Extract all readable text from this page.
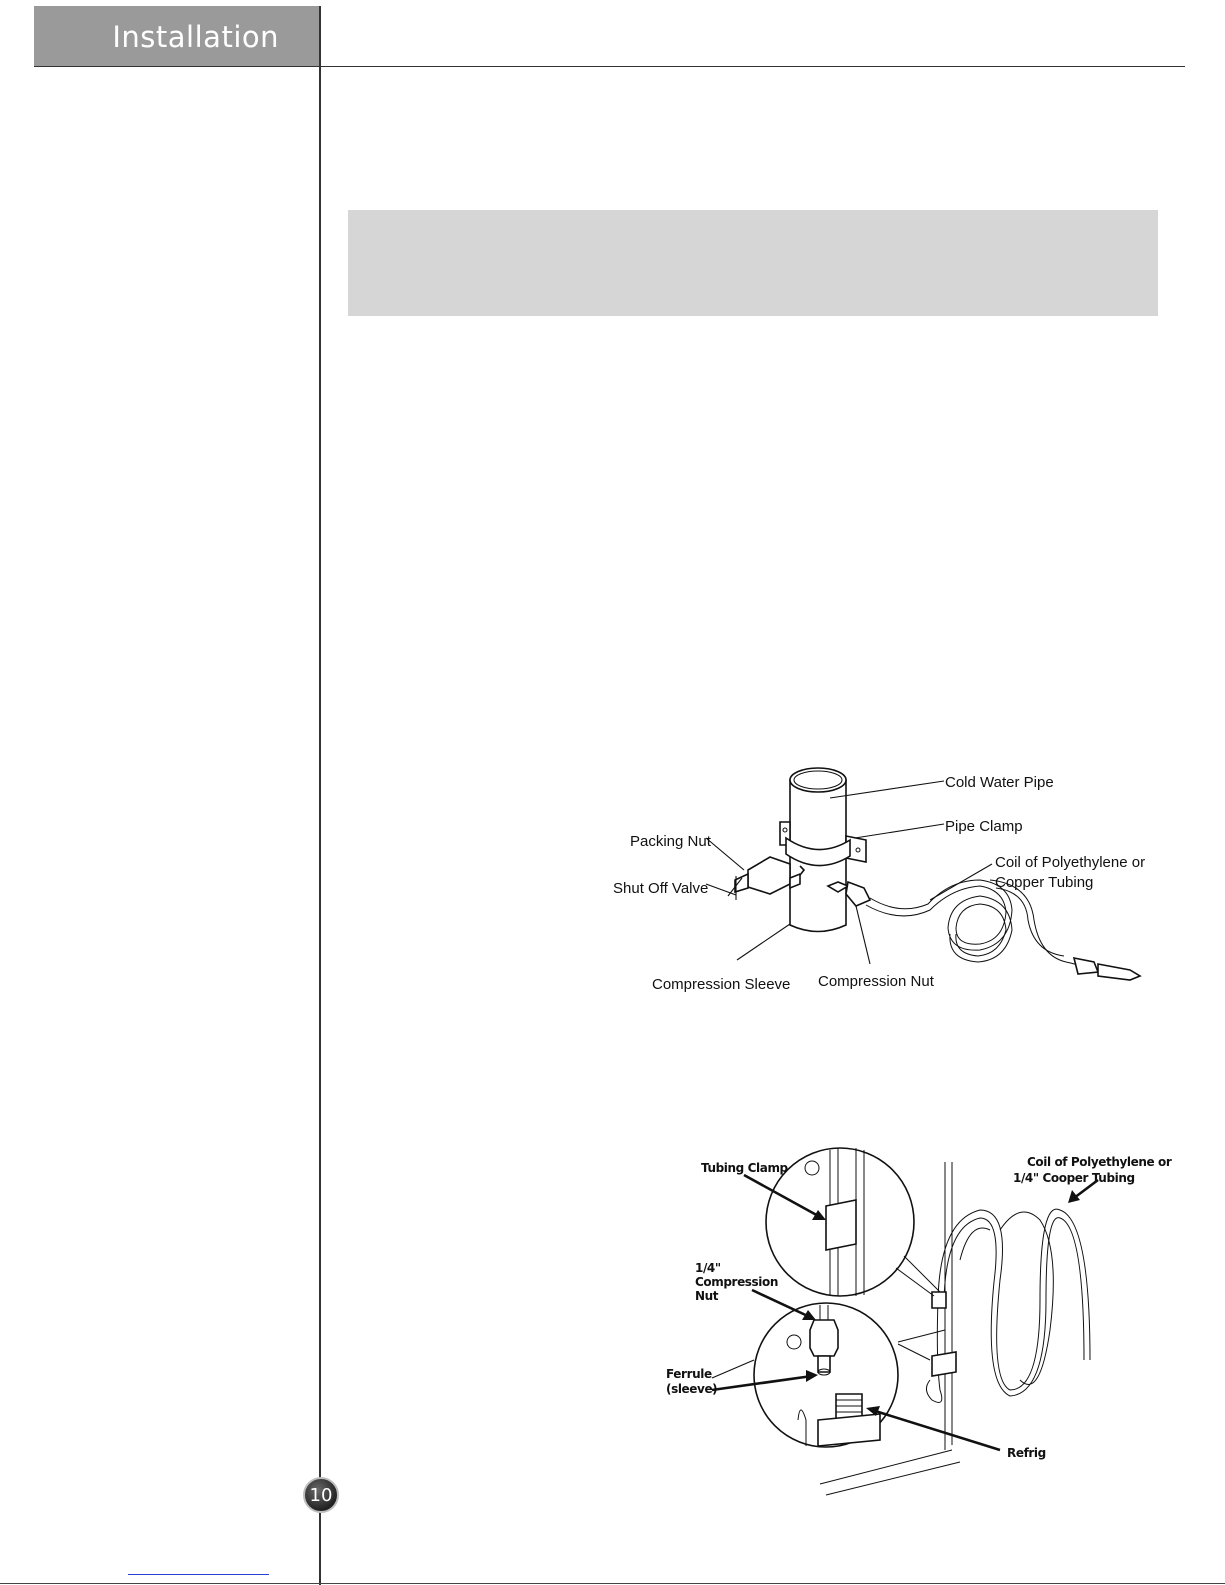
Installation
Cold Water Pipe
Pipe Clamp
Coil of Polyethylene or
Copper Tubing
Packing Nut
Shut Off Valve
Compression Sleeve Compression Nut
Tubing Clamp	Coil of Polyethylene or
1/4" Cooper Tubing
1/4"
Compression
Nut
Ferrule
(sleeve)
Refrig
10
